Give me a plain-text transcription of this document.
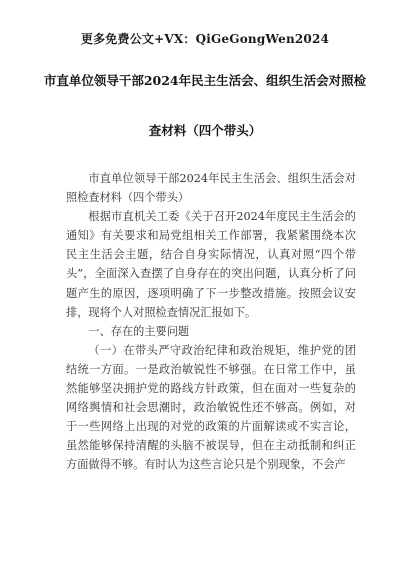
更多免费公文+VX：QiGeGongWen2024
市直单位领导干部2024年民主生活会、组织生活会对照检
查材料（四个带头）

市直单位领导干部2024年民主生活会、组织生活会对照检查材料（四个带头）

根据市直机关工委《关于召开2024年度民主生活会的通知》有关要求和局党组相关工作部署，我紧紧围绕本次民主生活会主题，结合自身实际情况，认真对照“四个带头”，全面深入查摆了自身存在的突出问题，认真分析了问题产生的原因，逐项明确了下一步整改措施。按照会议安排，现将个人对照检查情况汇报如下。

一、存在的主要问题

（一）在带头严守政治纪律和政治规矩，维护党的团结统一方面。一是政治敏锐性不够强。在日常工作中，虽然能够坚决拥护党的路线方针政策，但在面对一些复杂的网络舆情和社会思潮时，政治敏锐性还不够高。例如，对于一些网络上出现的对党的政策的片面解读或不实言论，虽然能够保持清醒的头脑不被误导，但在主动抵制和纠正方面做得不够。有时认为这些言论只是个别现象，不会产
